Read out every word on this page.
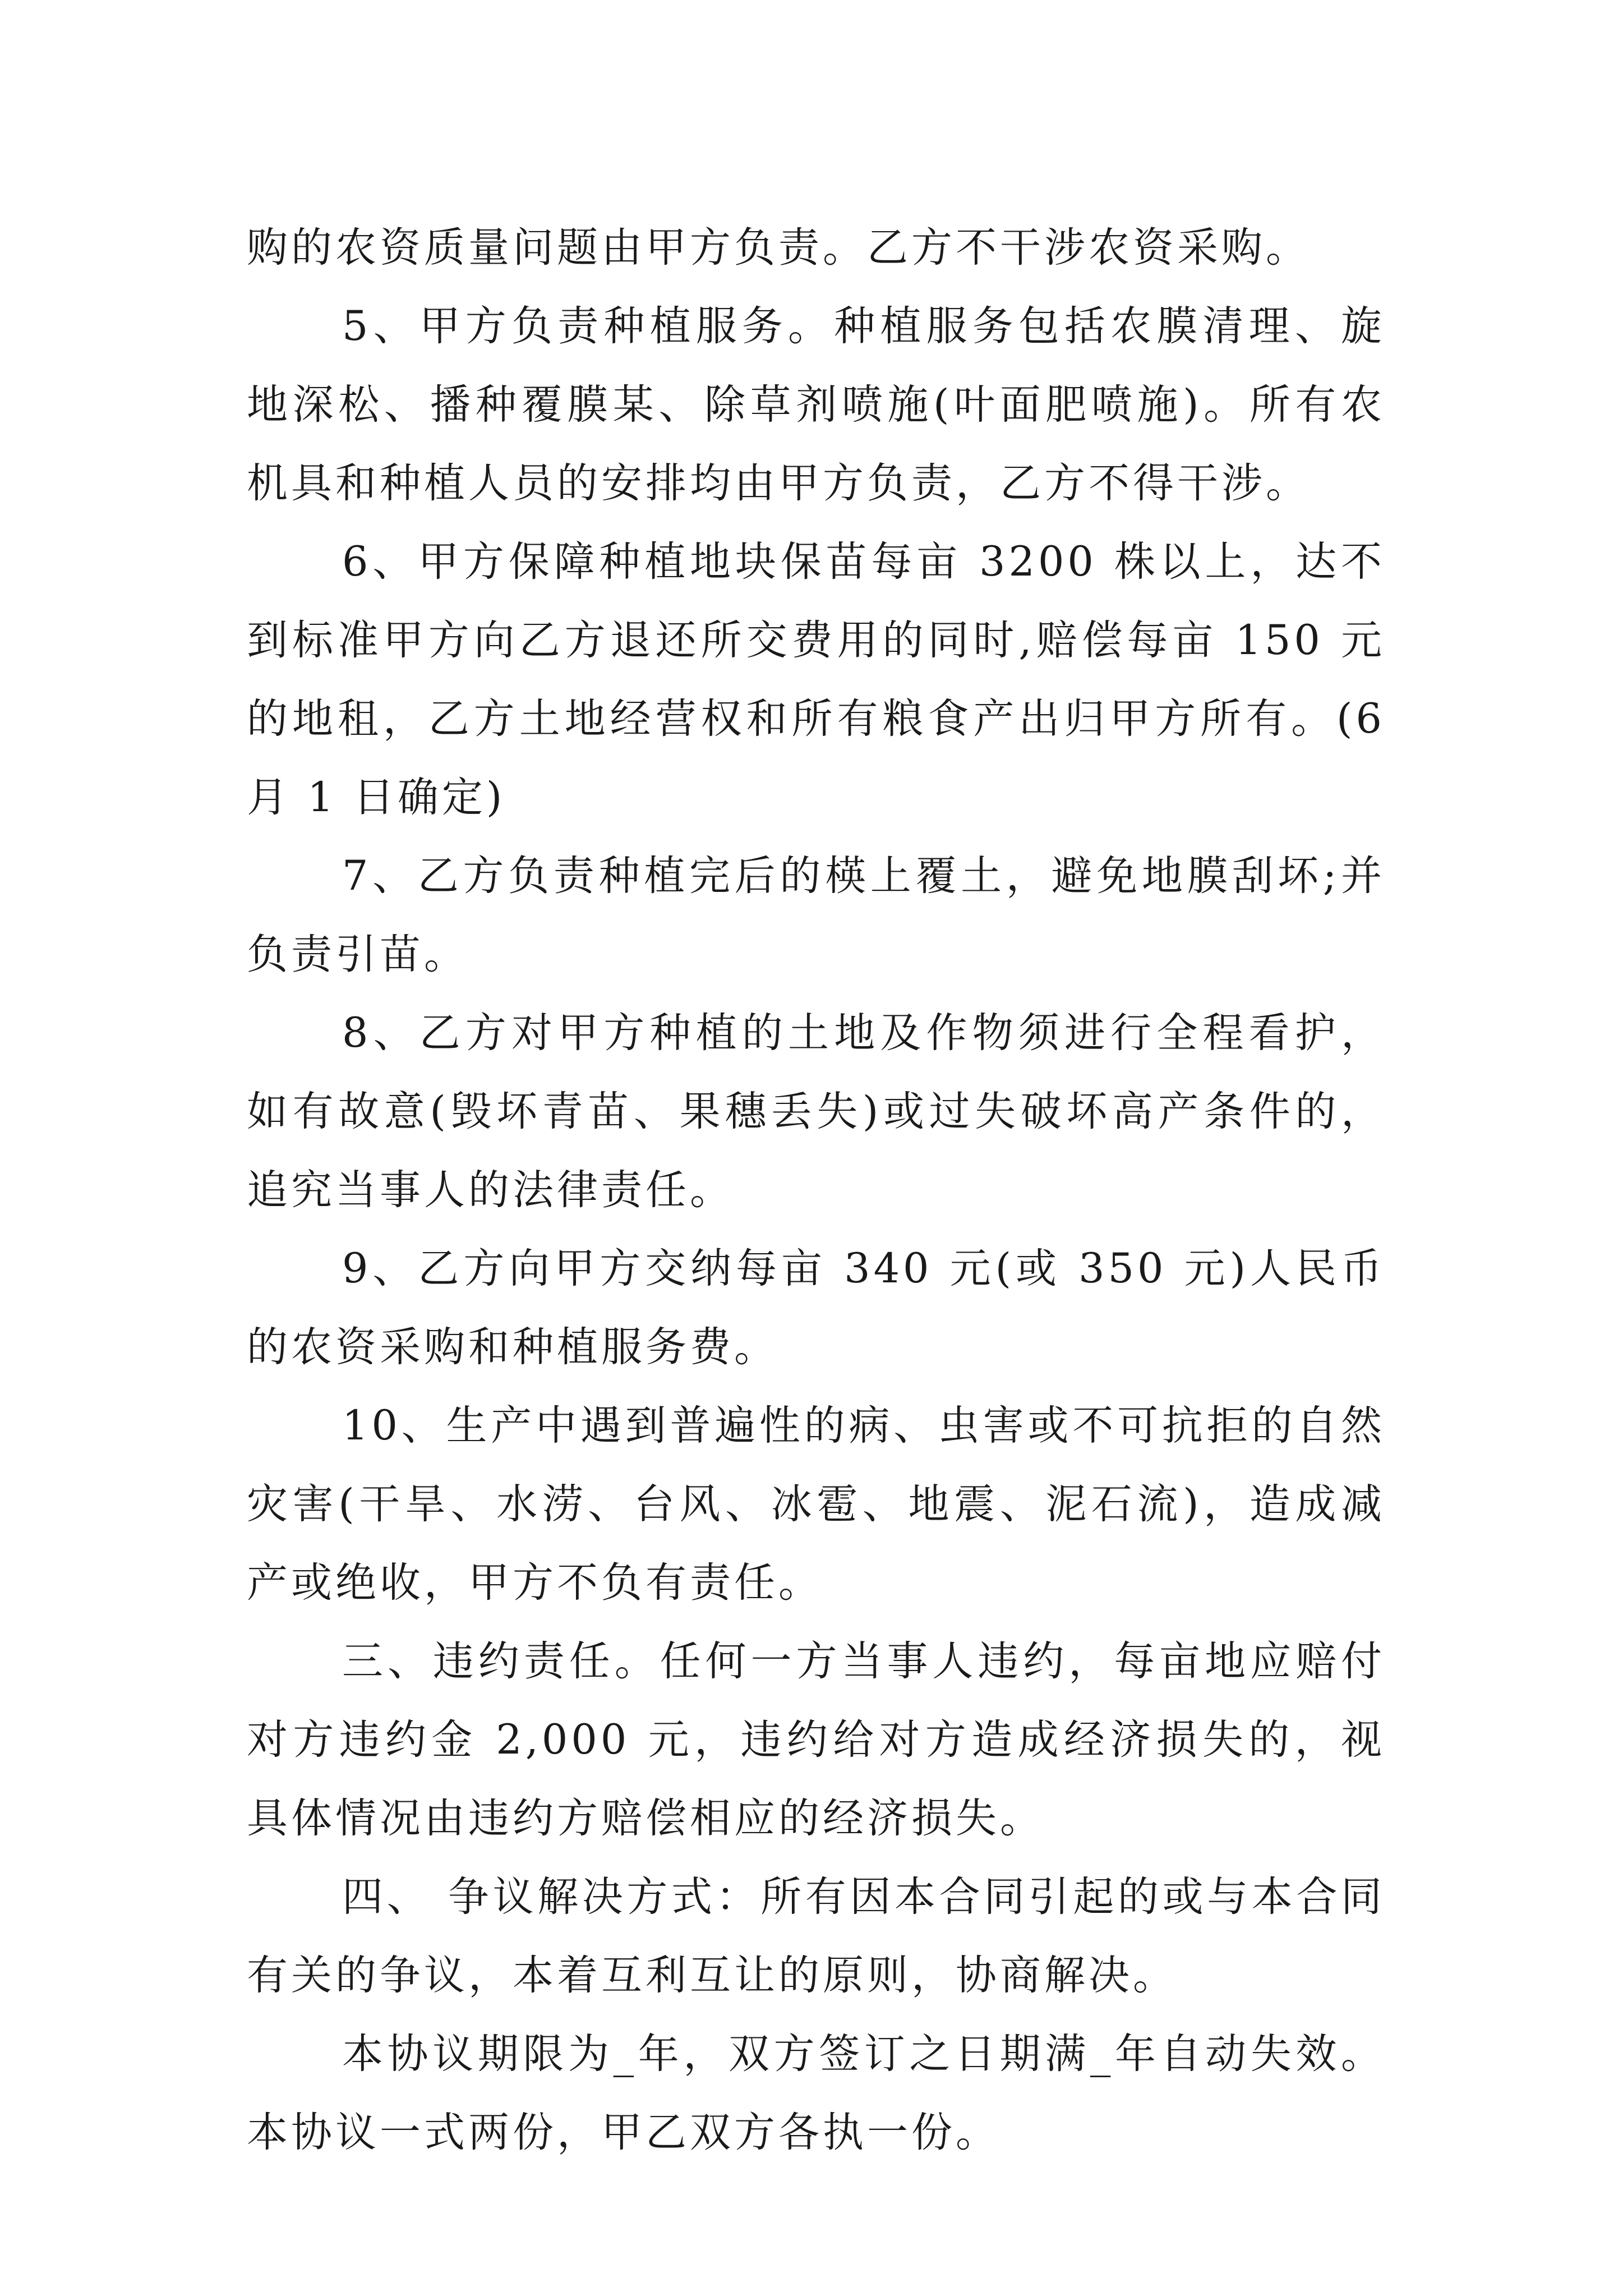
购的农资质量问题由甲方负责。乙方不干涉农资采购。

5、甲方负责种植服务。种植服务包括农膜清理、旋地深松、播种覆膜某、除草剂喷施(叶面肥喷施)。所有农机具和种植人员的安排均由甲方负责，乙方不得干涉。

6、甲方保障种植地块保苗每亩 3200 株以上，达不到标准甲方向乙方退还所交费用的同时,赔偿每亩 150 元的地租，乙方土地经营权和所有粮食产出归甲方所有。(6 月 1 日确定)

7、乙方负责种植完后的楧上覆土，避免地膜刮坏;并负责引苗。

8、乙方对甲方种植的土地及作物须进行全程看护，如有故意(毁坏青苗、果穗丢失)或过失破坏高产条件的，追究当事人的法律责任。

9、乙方向甲方交纳每亩 340 元(或 350 元)人民币的农资采购和种植服务费。

10、生产中遇到普遍性的病、虫害或不可抗拒的自然灾害(干旱、水涝、台风、冰雹、地震、泥石流)，造成减产或绝收，甲方不负有责任。

三、违约责任。任何一方当事人违约，每亩地应赔付对方违约金 2,000 元，违约给对方造成经济损失的，视具体情况由违约方赔偿相应的经济损失。

四、 争议解决方式：所有因本合同引起的或与本合同有关的争议，本着互利互让的原则，协商解决。

本协议期限为_年，双方签订之日期满_年自动失效。本协议一式两份，甲乙双方各执一份。
